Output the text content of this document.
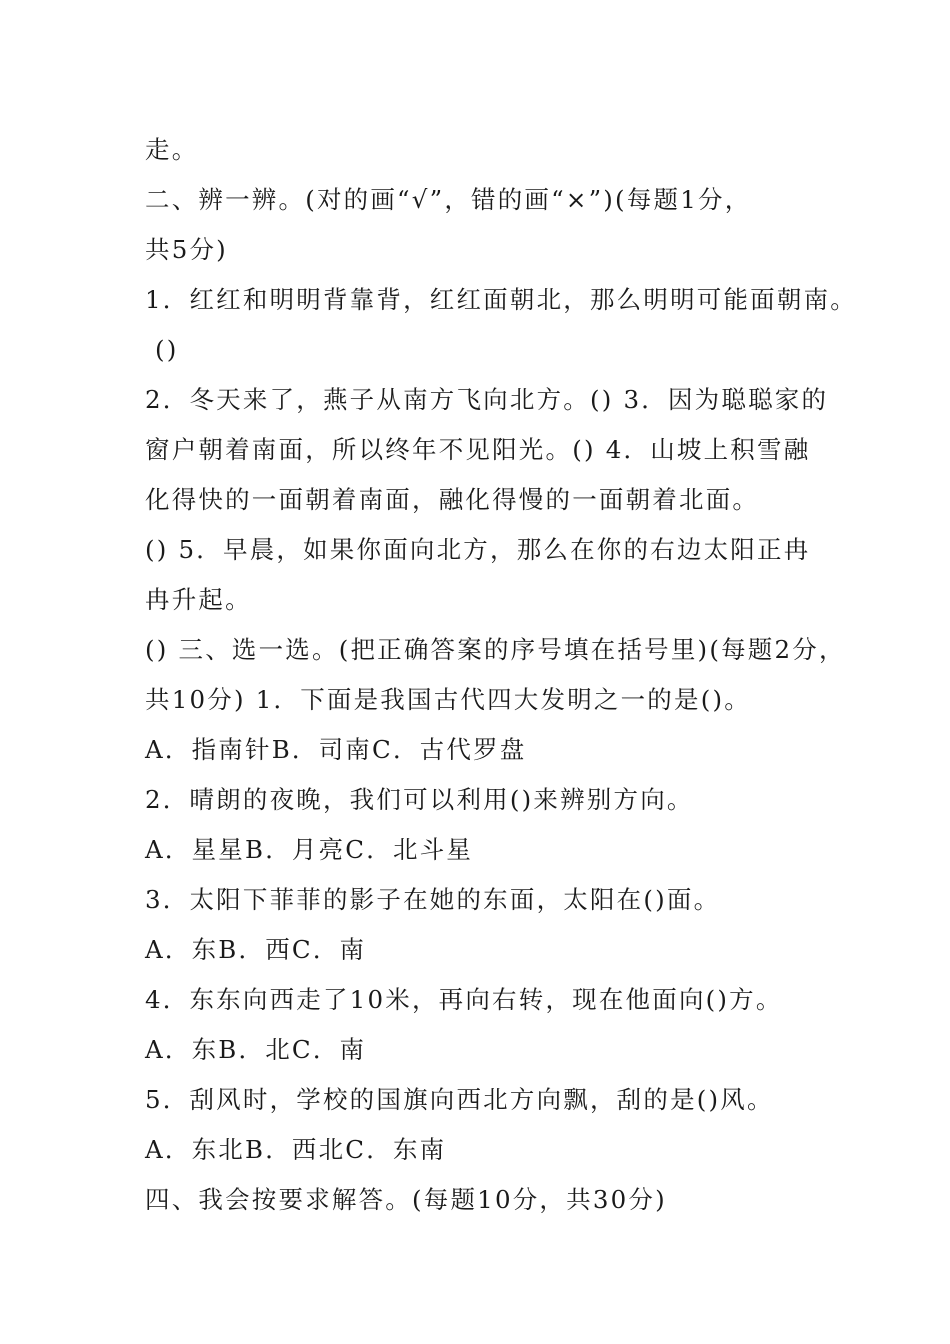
走。
二、辨一辨。(对的画“√”，错的画“×”)(每题1分，
共5分)
1．红红和明明背靠背，红红面朝北，那么明明可能面朝南。
()
2．冬天来了，燕子从南方飞向北方。() 3．因为聪聪家的
窗户朝着南面，所以终年不见阳光。() 4．山坡上积雪融
化得快的一面朝着南面，融化得慢的一面朝着北面。
() 5．早晨，如果你面向北方，那么在你的右边太阳正冉
冉升起。
() 三、选一选。(把正确答案的序号填在括号里)(每题2分，
共10分) 1．下面是我国古代四大发明之一的是()。
A．指南针B．司南C．古代罗盘
2．晴朗的夜晚，我们可以利用()来辨别方向。
A．星星B．月亮C．北斗星
3．太阳下菲菲的影子在她的东面，太阳在()面。
A．东B．西C．南
4．东东向西走了10米，再向右转，现在他面向()方。
A．东B．北C．南
5．刮风时，学校的国旗向西北方向飘，刮的是()风。
A．东北B．西北C．东南
四、我会按要求解答。(每题10分，共30分)
